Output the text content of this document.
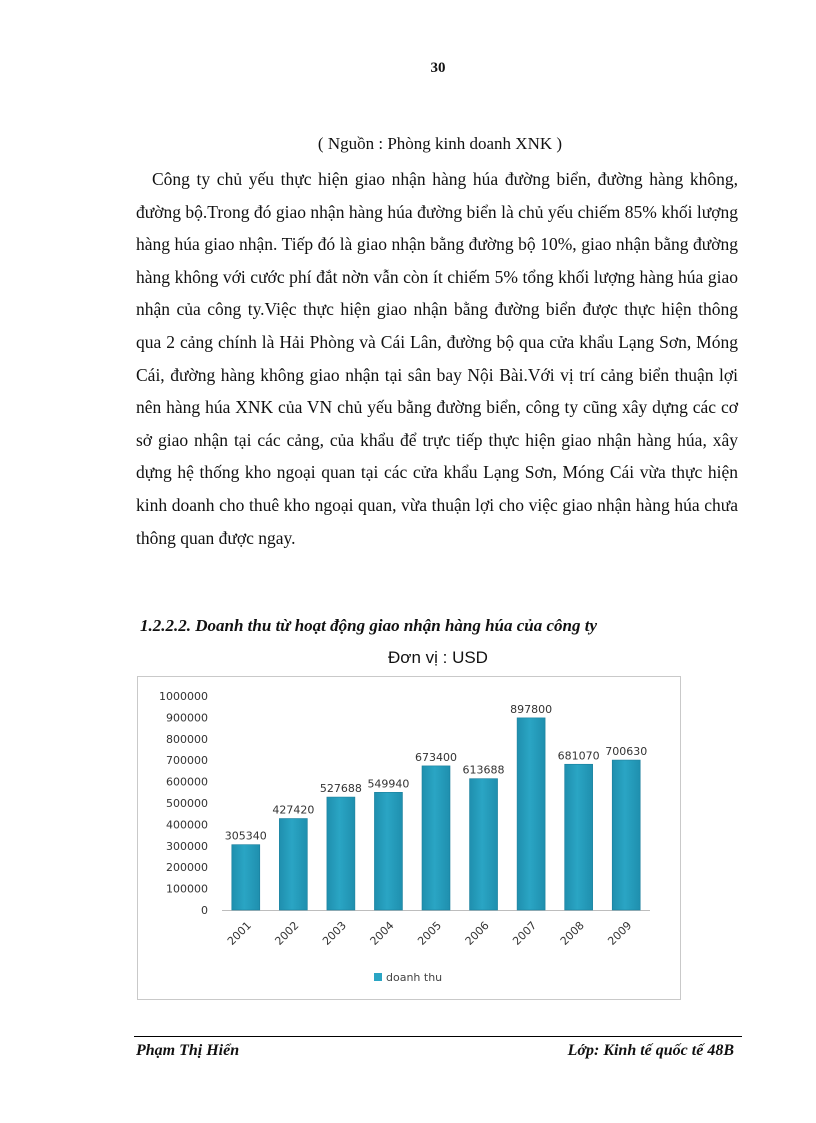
30
( Nguồn : Phòng kinh doanh XNK )

Công ty chủ yếu thực hiện giao nhận hàng húa đường biển, đường hàng không, đường bộ.Trong đó giao nhận hàng húa đường biển là chủ yếu chiếm 85% khối lượng hàng húa giao nhận. Tiếp đó là giao nhận bằng đường bộ 10%, giao nhận bằng đường hàng không với cước phí đắt nờn vẫn còn ít chiếm 5% tổng khối lượng hàng húa giao nhận của công ty.Việc thực hiện giao nhận bằng đường biển được thực hiện thông qua 2 cảng chính là Hải Phòng và Cái Lân, đường bộ qua cửa khẩu Lạng Sơn, Móng Cái, đường hàng không giao nhận tại sân bay Nội Bài.Với vị trí cảng biển thuận lợi nên hàng húa XNK của VN chủ yếu bằng đường biển, công ty cũng xây dựng các cơ sở giao nhận tại các cảng, của khẩu để trực tiếp thực hiện giao nhận hàng húa, xây dựng hệ thống kho ngoại quan tại các cửa khẩu Lạng Sơn, Móng Cái vừa thực hiện kinh doanh cho thuê kho ngoại quan, vừa thuận lợi cho việc giao nhận hàng húa chưa thông quan được ngay.

1.2.2.2. Doanh thu từ hoạt động giao nhận hàng húa của công ty
Đơn vị : USD
0
100000
200000
300000
400000
500000
600000
700000
800000
900000
1000000
305340
2001
427420
2002
527688
2003
549940
2004
673400
2005
613688
2006
897800
2007
681070
2008
700630
2009
doanh thu
Phạm Thị Hiển	Lớp: Kinh tế quốc tế 48B
